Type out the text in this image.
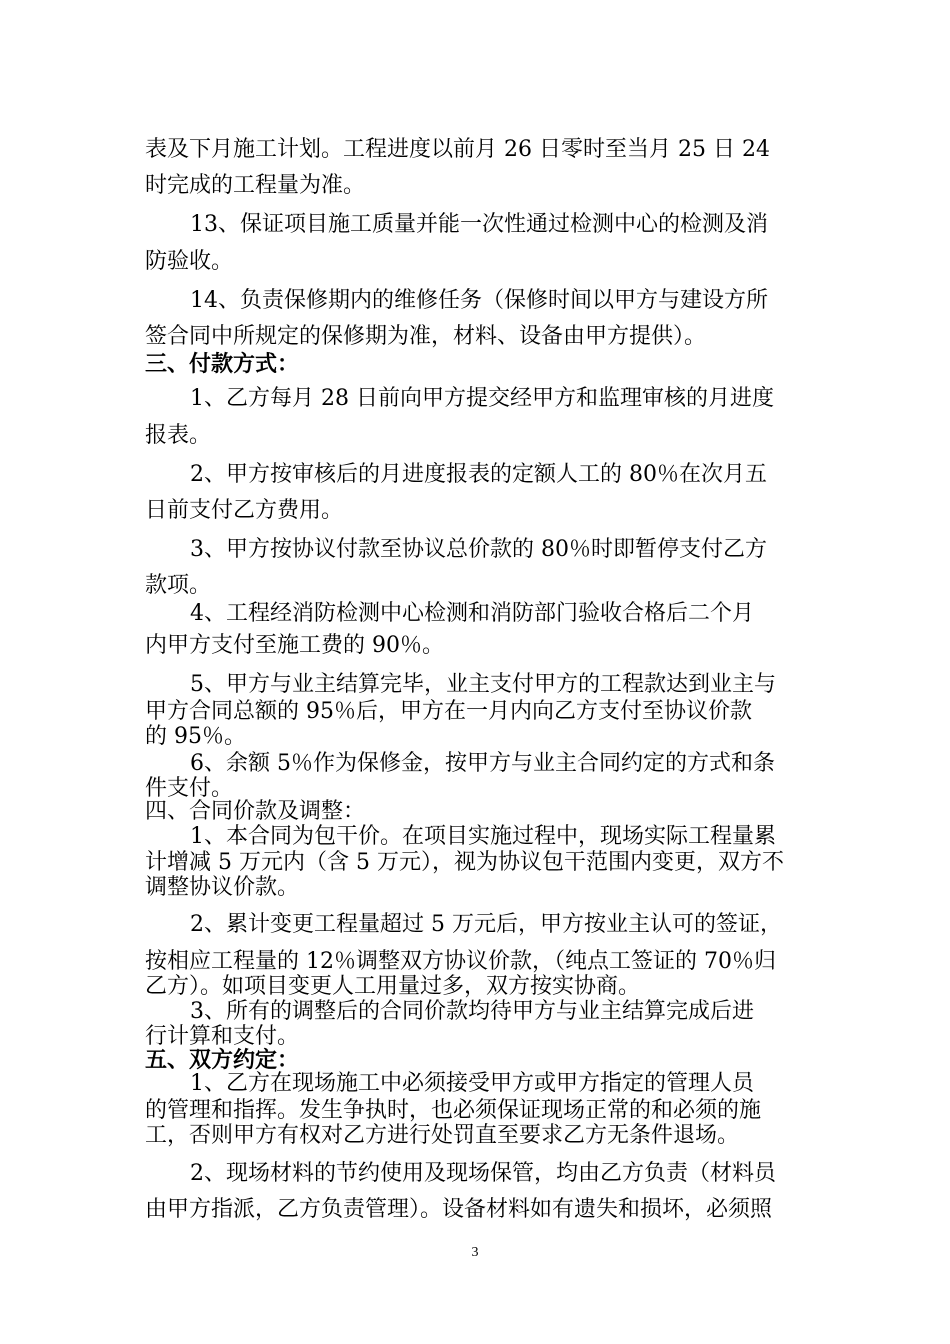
表及下月施工计划。工程进度以前月 26 日零时至当月 25 日 24
时完成的工程量为准。
13、保证项目施工质量并能一次性通过检测中心的检测及消
防验收。
14、负责保修期内的维修任务（保修时间以甲方与建设方所
签合同中所规定的保修期为准，材料、设备由甲方提供）。
三、付款方式：
1、乙方每月 28 日前向甲方提交经甲方和监理审核的月进度
报表。
2、甲方按审核后的月进度报表的定额人工的 80％在次月五
日前支付乙方费用。
3、甲方按协议付款至协议总价款的 80％时即暂停支付乙方
款项。
4、工程经消防检测中心检测和消防部门验收合格后二个月
内甲方支付至施工费的 90％。
5、甲方与业主结算完毕，业主支付甲方的工程款达到业主与
甲方合同总额的 95％后，甲方在一月内向乙方支付至协议价款
的 95％。
6、余额 5％作为保修金，按甲方与业主合同约定的方式和条
件支付。
四、合同价款及调整：
1、本合同为包干价。在项目实施过程中，现场实际工程量累
计增减 5 万元内（含 5 万元），视为协议包干范围内变更，双方不
调整协议价款。
2、累计变更工程量超过 5 万元后，甲方按业主认可的签证，
按相应工程量的 12％调整双方协议价款，（纯点工签证的 70％归
乙方）。如项目变更人工用量过多，双方按实协商。
3、所有的调整后的合同价款均待甲方与业主结算完成后进
行计算和支付。
五、双方约定：
1、乙方在现场施工中必须接受甲方或甲方指定的管理人员
的管理和指挥。发生争执时，也必须保证现场正常的和必须的施
工，否则甲方有权对乙方进行处罚直至要求乙方无条件退场。
2、现场材料的节约使用及现场保管，均由乙方负责（材料员
由甲方指派，乙方负责管理）。设备材料如有遗失和损坏，必须照
3
